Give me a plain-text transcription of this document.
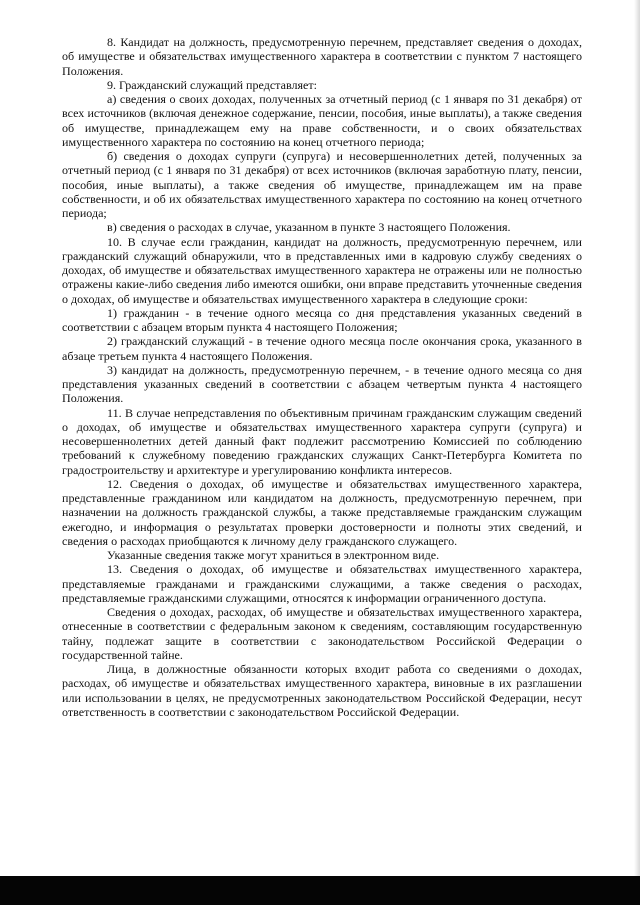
8. Кандидат на должность, предусмотренную перечнем, представляет сведения о доходах, об имуществе и обязательствах имущественного характера в соответствии с пунктом 7 настоящего Положения.

9. Гражданский служащий представляет:

а) сведения о своих доходах, полученных за отчетный период (с 1 января по 31 декабря) от всех источников (включая денежное содержание, пенсии, пособия, иные выплаты), а также сведения об имуществе, принадлежащем ему на праве собственности, и о своих обязательствах имущественного характера по состоянию на конец отчетного периода;

б) сведения о доходах супруги (супруга) и несовершеннолетних детей, полученных за отчетный период (с 1 января по 31 декабря) от всех источников (включая заработную плату, пенсии, пособия, иные выплаты), а также сведения об имуществе, принадлежащем им на праве собственности, и об их обязательствах имущественного характера по состоянию на конец отчетного периода;

в) сведения о расходах в случае, указанном в пункте 3 настоящего Положения.

10. В случае если гражданин, кандидат на должность, предусмотренную перечнем, или гражданский служащий обнаружили, что в представленных ими в кадровую службу сведениях о доходах, об имуществе и обязательствах имущественного характера не отражены или не полностью отражены какие-либо сведения либо имеются ошибки, они вправе представить уточненные сведения о доходах, об имуществе и обязательствах имущественного характера в следующие сроки:

1) гражданин - в течение одного месяца со дня представления указанных сведений в соответствии с абзацем вторым пункта 4 настоящего Положения;

2) гражданский служащий - в течение одного месяца после окончания срока, указанного в абзаце третьем пункта 4 настоящего Положения.

3) кандидат на должность, предусмотренную перечнем, - в течение одного месяца со дня представления указанных сведений в соответствии с абзацем четвертым пункта 4 настоящего Положения.

11. В случае непредставления по объективным причинам гражданским служащим сведений о доходах, об имуществе и обязательствах имущественного характера супруги (супруга) и несовершеннолетних детей данный факт подлежит рассмотрению Комиссией по соблюдению требований к служебному поведению гражданских служащих Санкт-Петербурга Комитета по градостроительству и архитектуре и урегулированию конфликта интересов.

12. Сведения о доходах, об имуществе и обязательствах имущественного характера, представленные гражданином или кандидатом на должность, предусмотренную перечнем, при назначении на должность гражданской службы, а также представляемые гражданским служащим ежегодно, и информация о результатах проверки достоверности и полноты этих сведений, и сведения о расходах приобщаются к личному делу гражданского служащего.

Указанные сведения также могут храниться в электронном виде.

13. Сведения о доходах, об имуществе и обязательствах имущественного характера, представляемые гражданами и гражданскими служащими, а также сведения о расходах, представляемые гражданскими служащими, относятся к информации ограниченного доступа.

Сведения о доходах, расходах, об имуществе и обязательствах имущественного характера, отнесенные в соответствии с федеральным законом к сведениям, составляющим государственную тайну, подлежат защите в соответствии с законодательством Российской Федерации о государственной тайне.

Лица, в должностные обязанности которых входит работа со сведениями о доходах, расходах, об имуществе и обязательствах имущественного характера, виновные в их разглашении или использовании в целях, не предусмотренных законодательством Российской Федерации, несут ответственность в соответствии с законодательством Российской Федерации.
